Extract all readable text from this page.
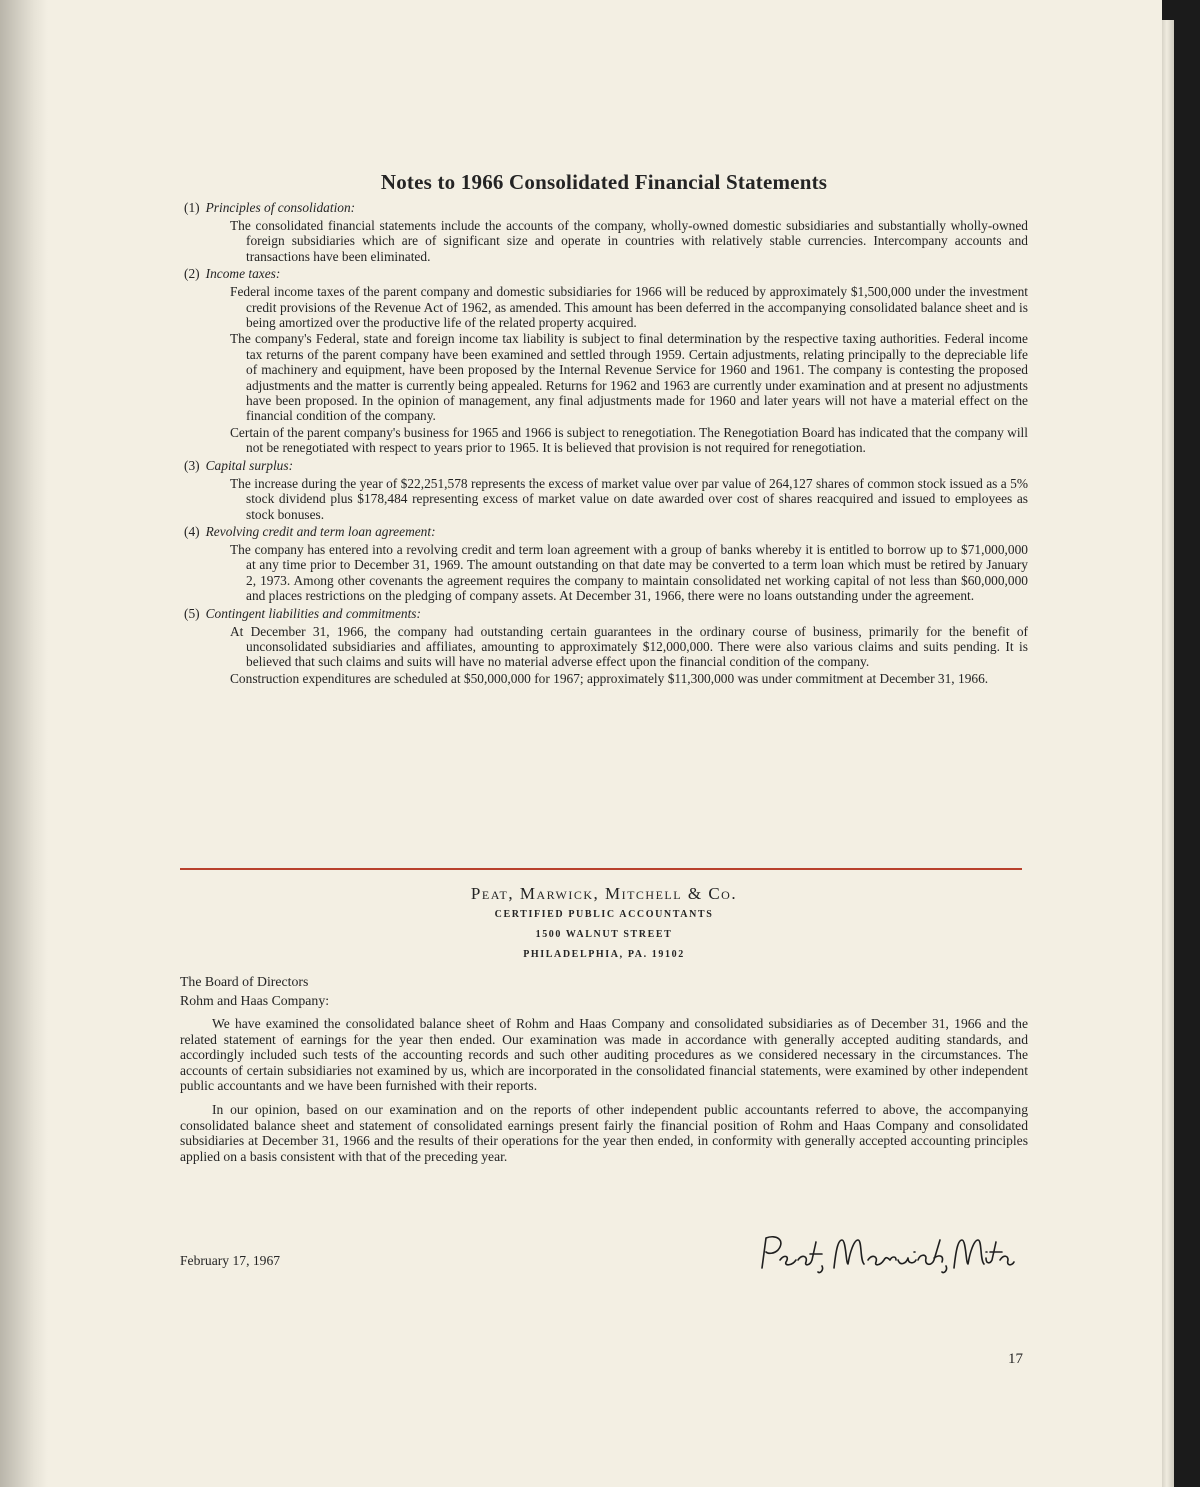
Notes to 1966 Consolidated Financial Statements
(1) Principles of consolidation:

The consolidated financial statements include the accounts of the company, wholly-owned domestic subsidiaries and substantially wholly-owned foreign subsidiaries which are of significant size and operate in countries with relatively stable currencies. Intercompany accounts and transactions have been eliminated.

(2) Income taxes:

Federal income taxes of the parent company and domestic subsidiaries for 1966 will be reduced by approximately $1,500,000 under the investment credit provisions of the Revenue Act of 1962, as amended. This amount has been deferred in the accompanying consolidated balance sheet and is being amortized over the productive life of the related property acquired.

The company's Federal, state and foreign income tax liability is subject to final determination by the respective taxing authorities. Federal income tax returns of the parent company have been examined and settled through 1959. Certain adjustments, relating principally to the depreciable life of machinery and equipment, have been proposed by the Internal Revenue Service for 1960 and 1961. The company is contesting the proposed adjustments and the matter is currently being appealed. Returns for 1962 and 1963 are currently under examination and at present no adjustments have been proposed. In the opinion of management, any final adjustments made for 1960 and later years will not have a material effect on the financial condition of the company.

Certain of the parent company's business for 1965 and 1966 is subject to renegotiation. The Renegotiation Board has indicated that the company will not be renegotiated with respect to years prior to 1965. It is believed that provision is not required for renegotiation.

(3) Capital surplus:

The increase during the year of $22,251,578 represents the excess of market value over par value of 264,127 shares of common stock issued as a 5% stock dividend plus $178,484 representing excess of market value on date awarded over cost of shares reacquired and issued to employees as stock bonuses.

(4) Revolving credit and term loan agreement:

The company has entered into a revolving credit and term loan agreement with a group of banks whereby it is entitled to borrow up to $71,000,000 at any time prior to December 31, 1969. The amount outstanding on that date may be converted to a term loan which must be retired by January 2, 1973. Among other covenants the agreement requires the company to maintain consolidated net working capital of not less than $60,000,000 and places restrictions on the pledging of company assets. At December 31, 1966, there were no loans outstanding under the agreement.

(5) Contingent liabilities and commitments:

At December 31, 1966, the company had outstanding certain guarantees in the ordinary course of business, primarily for the benefit of unconsolidated subsidiaries and affiliates, amounting to approximately $12,000,000. There were also various claims and suits pending. It is believed that such claims and suits will have no material adverse effect upon the financial condition of the company.

Construction expenditures are scheduled at $50,000,000 for 1967; approximately $11,300,000 was under commitment at December 31, 1966.

Peat, Marwick, Mitchell & Co.
CERTIFIED PUBLIC ACCOUNTANTS
1500 WALNUT STREET
PHILADELPHIA, PA. 19102
The Board of Directors
Rohm and Haas Company:

We have examined the consolidated balance sheet of Rohm and Haas Company and consolidated subsidiaries as of December 31, 1966 and the related statement of earnings for the year then ended. Our examination was made in accordance with generally accepted auditing standards, and accordingly included such tests of the accounting records and such other auditing procedures as we considered necessary in the circumstances. The accounts of certain subsidiaries not examined by us, which are incorporated in the consolidated financial statements, were examined by other independent public accountants and we have been furnished with their reports.

In our opinion, based on our examination and on the reports of other independent public accountants referred to above, the accompanying consolidated balance sheet and statement of consolidated earnings present fairly the financial position of Rohm and Haas Company and consolidated subsidiaries at December 31, 1966 and the results of their operations for the year then ended, in conformity with generally accepted accounting principles applied on a basis consistent with that of the preceding year.

February 17, 1967
Peat, Marwick, Mitchell & Co.
17
